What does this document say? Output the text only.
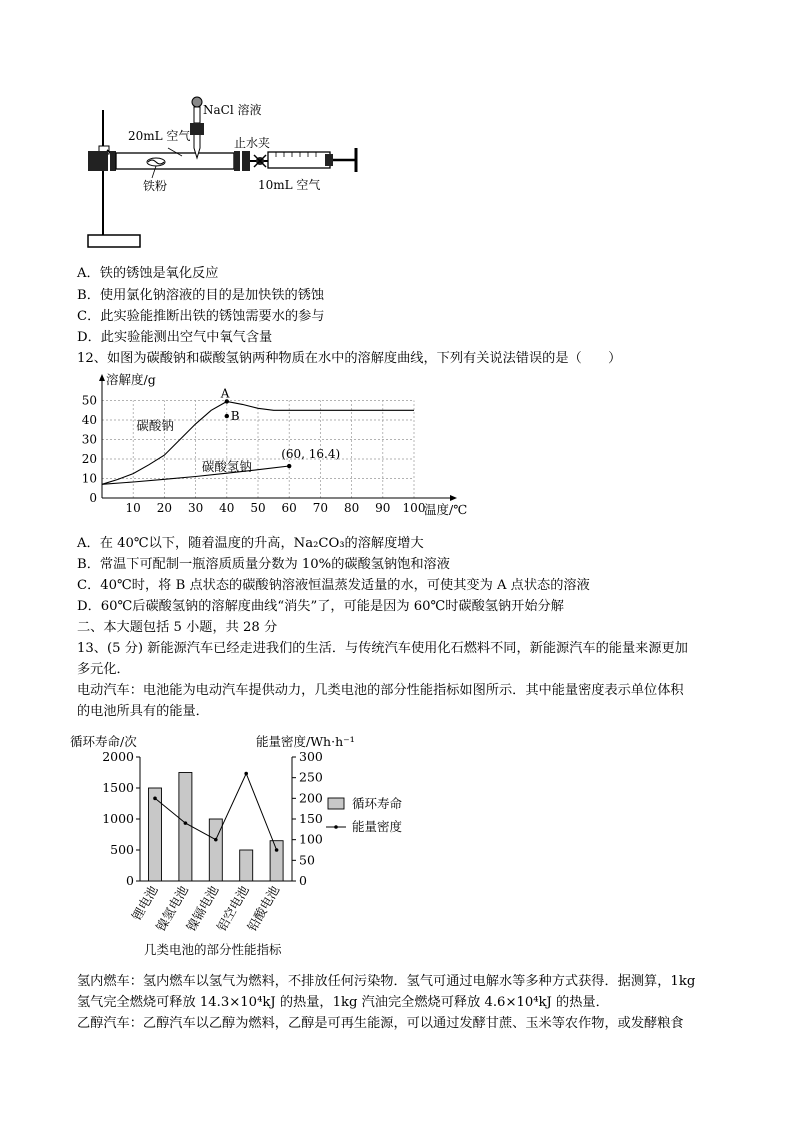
NaCl 溶液
20mL 空气	止水夹
铁粉	10mL 空气
A．铁的锈蚀是氧化反应
B．使用氯化钠溶液的目的是加快铁的锈蚀
C．此实验能推断出铁的锈蚀需要水的参与
D．此实验能测出空气中氧气含量
12、如图为碳酸钠和碳酸氢钠两种物质在水中的溶解度曲线，下列有关说法错误的是（　　）
10 20 30 40 50 60 70 80 90 100
0
10
20
30
40
50
溶解度/g
温度/℃
碳酸钠
碳酸氢钠
A
B
(60, 16.4)
A．在 40℃以下，随着温度的升高，Na₂CO₃的溶解度增大
B．常温下可配制一瓶溶质质量分数为 10%的碳酸氢钠饱和溶液
C．40℃时，将 B 点状态的碳酸钠溶液恒温蒸发适量的水，可使其变为 A 点状态的溶液
D．60℃后碳酸氢钠的溶解度曲线“消失”了，可能是因为 60℃时碳酸氢钠开始分解
二、本大题包括 5 小题，共 28 分
13、(5 分) 新能源汽车已经走进我们的生活．与传统汽车使用化石燃料不同，新能源汽车的能量来源更加
多元化．
电动汽车：电池能为电动汽车提供动力，几类电池的部分性能指标如图所示．其中能量密度表示单位体积
的电池所具有的能量．
循环寿命/次	能量密度/Wh·h⁻¹
0
500
1000
1500
2000
0
50
100
150
200
250
300
锂电池
镍氢电池
镍镉电池
铝空电池
铅酸电池
循环寿命
能量密度
几类电池的部分性能指标
氢内燃车：氢内燃车以氢气为燃料，不排放任何污染物．氢气可通过电解水等多种方式获得．据测算，1kg
氢气完全燃烧可释放 14.3×10⁴kJ 的热量，1kg 汽油完全燃烧可释放 4.6×10⁴kJ 的热量．
乙醇汽车：乙醇汽车以乙醇为燃料，乙醇是可再生能源，可以通过发酵甘蔗、玉米等农作物，或发酵粮食
